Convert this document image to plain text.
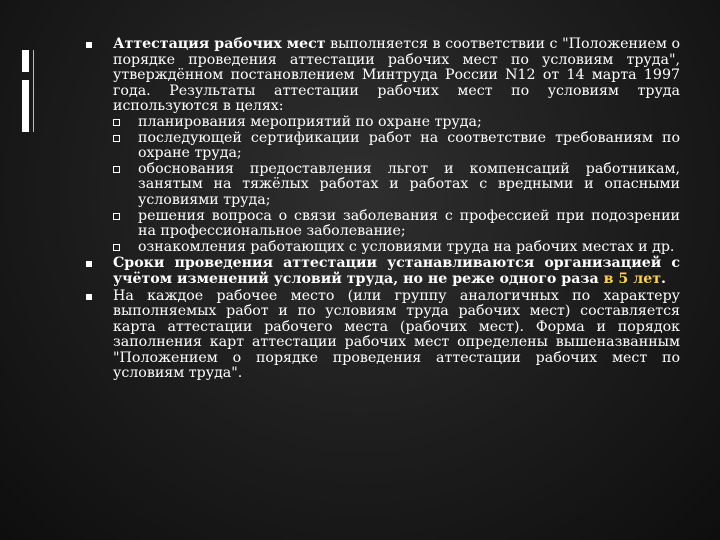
Аттестация рабочих мест выполняется в соответствии с "Положением о порядке проведения аттестации рабочих мест по условиям труда", утверждённом постановлением Минтруда России N12 от 14 марта 1997 года. Результаты аттестации рабочих мест по условиям труда используются в целях:
планирования мероприятий по охране труда;
последующей сертификации работ на соответствие требованиям по охране труда;
обоснования предоставления льгот и компенсаций работникам, занятым на тяжёлых работах и работах с вредными и опасными условиями труда;
решения вопроса о связи заболевания с профессией при подозрении на профессиональное заболевание;
ознакомления работающих с условиями труда на рабочих местах и др.
Сроки проведения аттестации устанавливаются организацией с учётом изменений условий труда, но не реже одного раза в 5 лет.
На каждое рабочее место (или группу аналогичных по характеру выполняемых работ и по условиям труда рабочих мест) составляется карта аттестации рабочего места (рабочих мест). Форма и порядок заполнения карт аттестации рабочих мест определены вышеназванным "Положением о порядке проведения аттестации рабочих мест по условиям труда".
